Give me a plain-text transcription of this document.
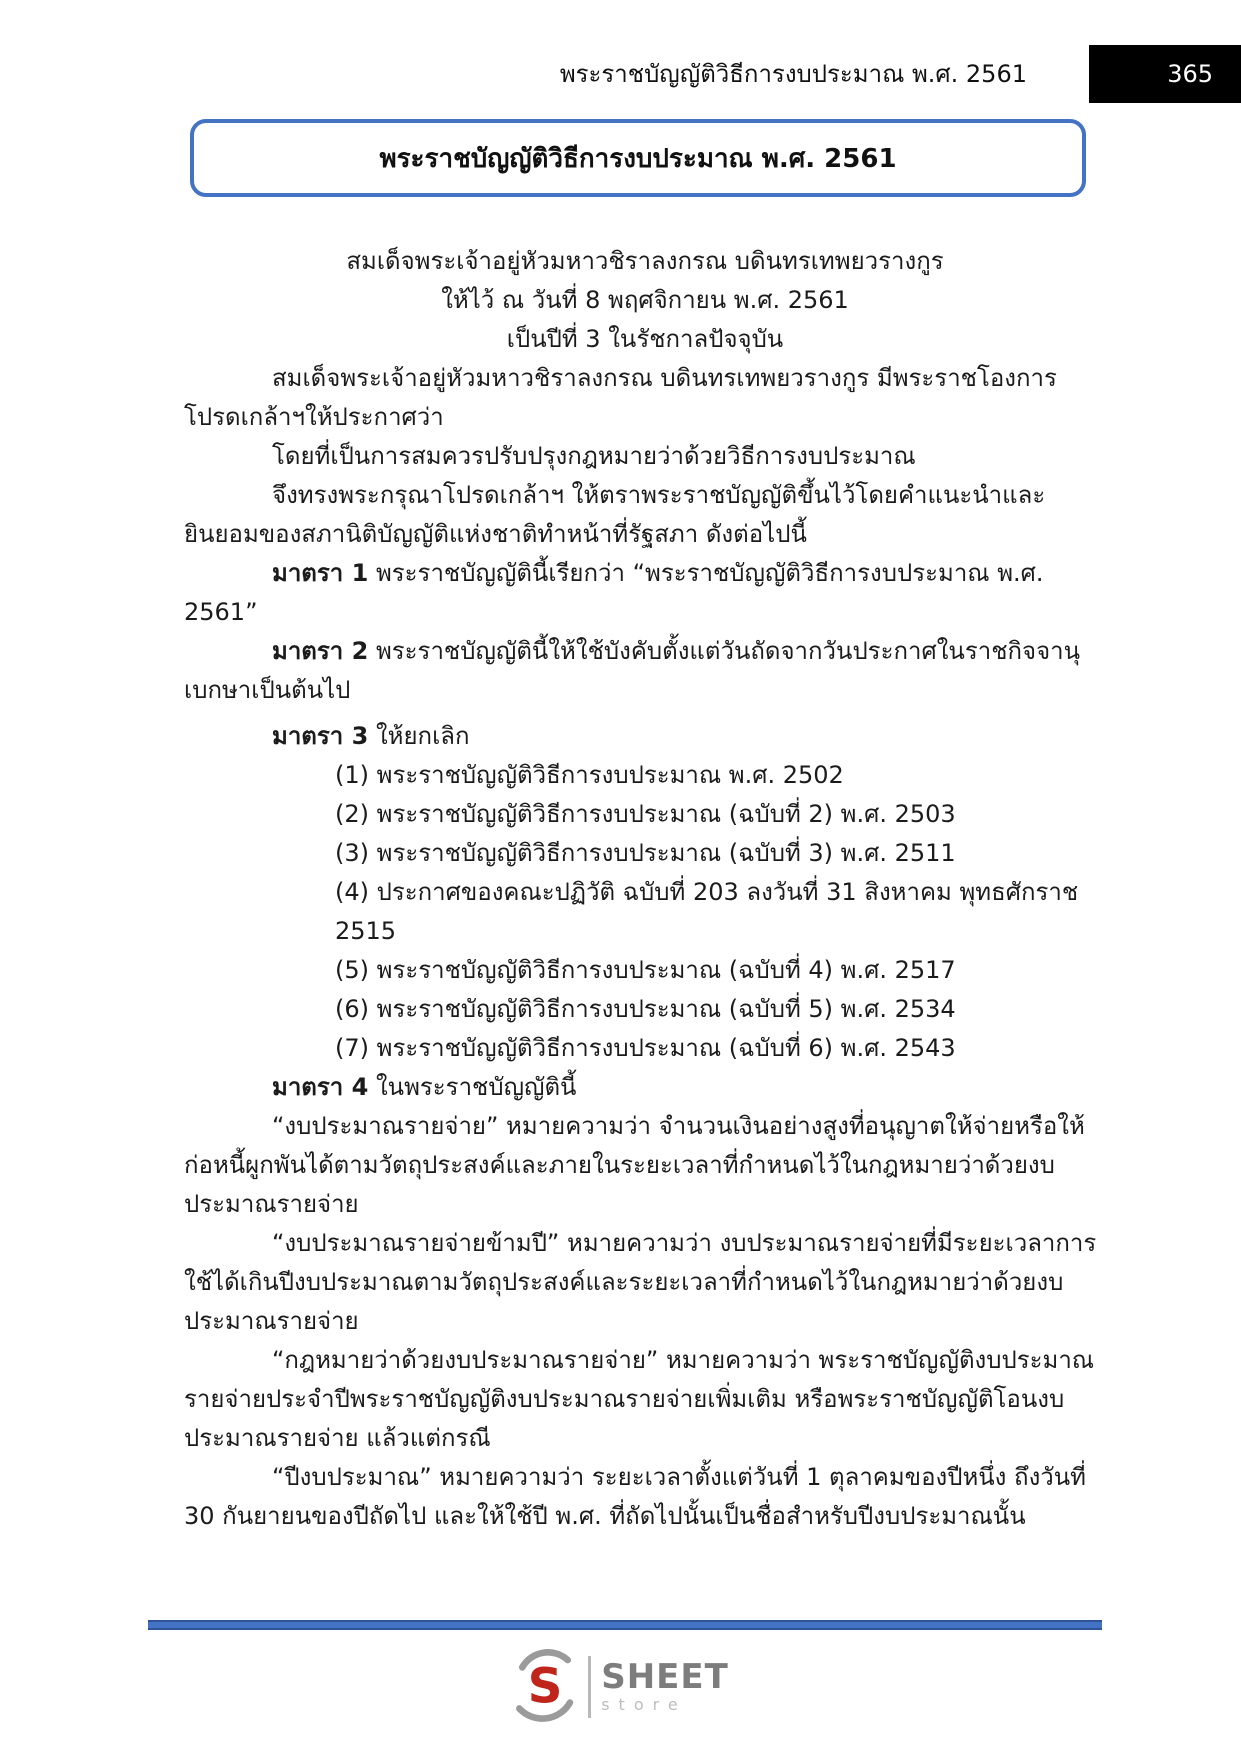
พระราชบัญญัติวิธีการงบประมาณ พ.ศ. 2561	365
พระราชบัญญัติวิธีการงบประมาณ พ.ศ. 2561
สมเด็จพระเจ้าอยู่หัวมหาวชิราลงกรณ บดินทรเทพยวรางกูร
ให้ไว้ ณ วันที่ 8 พฤศจิกายน พ.ศ. 2561
เป็นปีที่ 3 ในรัชกาลปัจจุบัน

สมเด็จพระเจ้าอยู่หัวมหาวชิราลงกรณ บดินทรเทพยวรางกูร มีพระราชโองการโปรดเกล้าฯให้ประกาศว่า

โดยที่เป็นการสมควรปรับปรุงกฎหมายว่าด้วยวิธีการงบประมาณ

จึงทรงพระกรุณาโปรดเกล้าฯ ให้ตราพระราชบัญญัติขึ้นไว้โดยคำแนะนำและยินยอมของสภานิติบัญญัติแห่งชาติทำหน้าที่รัฐสภา ดังต่อไปนี้

มาตรา 1 พระราชบัญญัตินี้เรียกว่า “พระราชบัญญัติวิธีการงบประมาณ พ.ศ. 2561”

มาตรา 2 พระราชบัญญัตินี้ให้ใช้บังคับตั้งแต่วันถัดจากวันประกาศในราชกิจจานุเบกษาเป็นต้นไป

มาตรา 3 ให้ยกเลิก

(1) พระราชบัญญัติวิธีการงบประมาณ พ.ศ. 2502
(2) พระราชบัญญัติวิธีการงบประมาณ (ฉบับที่ 2) พ.ศ. 2503
(3) พระราชบัญญัติวิธีการงบประมาณ (ฉบับที่ 3) พ.ศ. 2511
(4) ประกาศของคณะปฏิวัติ ฉบับที่ 203 ลงวันที่ 31 สิงหาคม พุทธศักราช 2515
(5) พระราชบัญญัติวิธีการงบประมาณ (ฉบับที่ 4) พ.ศ. 2517
(6) พระราชบัญญัติวิธีการงบประมาณ (ฉบับที่ 5) พ.ศ. 2534
(7) พระราชบัญญัติวิธีการงบประมาณ (ฉบับที่ 6) พ.ศ. 2543

มาตรา 4 ในพระราชบัญญัตินี้

“งบประมาณรายจ่าย” หมายความว่า จำนวนเงินอย่างสูงที่อนุญาตให้จ่ายหรือให้ก่อหนี้ผูกพันได้ตามวัตถุประสงค์และภายในระยะเวลาที่กำหนดไว้ในกฎหมายว่าด้วยงบประมาณรายจ่าย

“งบประมาณรายจ่ายข้ามปี” หมายความว่า งบประมาณรายจ่ายที่มีระยะเวลาการใช้ได้เกินปีงบประมาณตามวัตถุประสงค์และระยะเวลาที่กำหนดไว้ในกฎหมายว่าด้วยงบประมาณรายจ่าย

“กฎหมายว่าด้วยงบประมาณรายจ่าย” หมายความว่า พระราชบัญญัติงบประมาณรายจ่ายประจำปีพระราชบัญญัติงบประมาณรายจ่ายเพิ่มเติม หรือพระราชบัญญัติโอนงบประมาณรายจ่าย แล้วแต่กรณี

“ปีงบประมาณ” หมายความว่า ระยะเวลาตั้งแต่วันที่ 1 ตุลาคมของปีหนึ่ง ถึงวันที่ 30 กันยายนของปีถัดไป และให้ใช้ปี พ.ศ. ที่ถัดไปนั้นเป็นชื่อสำหรับปีงบประมาณนั้น

S SHEET
store
